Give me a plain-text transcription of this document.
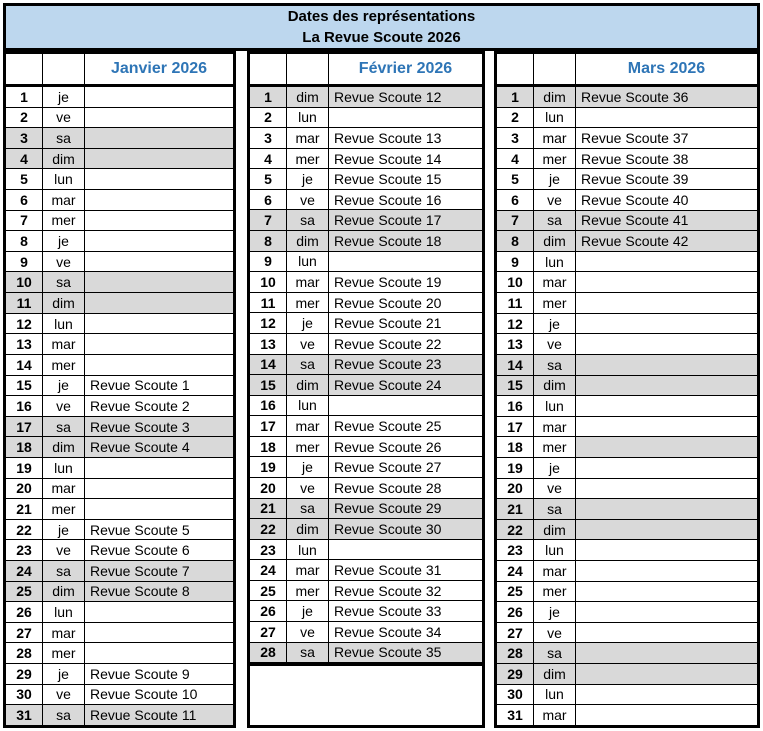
Dates des représentations
La Revue Scoute 2026
Janvier 2026
1	je
2	ve
3	sa
4	dim
5	lun
6	mar
7	mer
8	je
9	ve
10	sa
11	dim
12	lun
13	mar
14	mer
15	je	Revue Scoute 1
16	ve	Revue Scoute 2
17	sa	Revue Scoute 3
18	dim	Revue Scoute 4
19	lun
20	mar
21	mer
22	je	Revue Scoute 5
23	ve	Revue Scoute 6
24	sa	Revue Scoute 7
25	dim	Revue Scoute 8
26	lun
27	mar
28	mer
29	je	Revue Scoute 9
30	ve	Revue Scoute 10
31	sa	Revue Scoute 11
Février 2026
1	dim	Revue Scoute 12
2	lun
3	mar	Revue Scoute 13
4	mer	Revue Scoute 14
5	je	Revue Scoute 15
6	ve	Revue Scoute 16
7	sa	Revue Scoute 17
8	dim	Revue Scoute 18
9	lun
10	mar	Revue Scoute 19
11	mer	Revue Scoute 20
12	je	Revue Scoute 21
13	ve	Revue Scoute 22
14	sa	Revue Scoute 23
15	dim	Revue Scoute 24
16	lun
17	mar	Revue Scoute 25
18	mer	Revue Scoute 26
19	je	Revue Scoute 27
20	ve	Revue Scoute 28
21	sa	Revue Scoute 29
22	dim	Revue Scoute 30
23	lun
24	mar	Revue Scoute 31
25	mer	Revue Scoute 32
26	je	Revue Scoute 33
27	ve	Revue Scoute 34
28	sa	Revue Scoute 35
Mars 2026
1	dim	Revue Scoute 36
2	lun
3	mar	Revue Scoute 37
4	mer	Revue Scoute 38
5	je	Revue Scoute 39
6	ve	Revue Scoute 40
7	sa	Revue Scoute 41
8	dim	Revue Scoute 42
9	lun
10	mar
11	mer
12	je
13	ve
14	sa
15	dim
16	lun
17	mar
18	mer
19	je
20	ve
21	sa
22	dim
23	lun
24	mar
25	mer
26	je
27	ve
28	sa
29	dim
30	lun
31	mar
